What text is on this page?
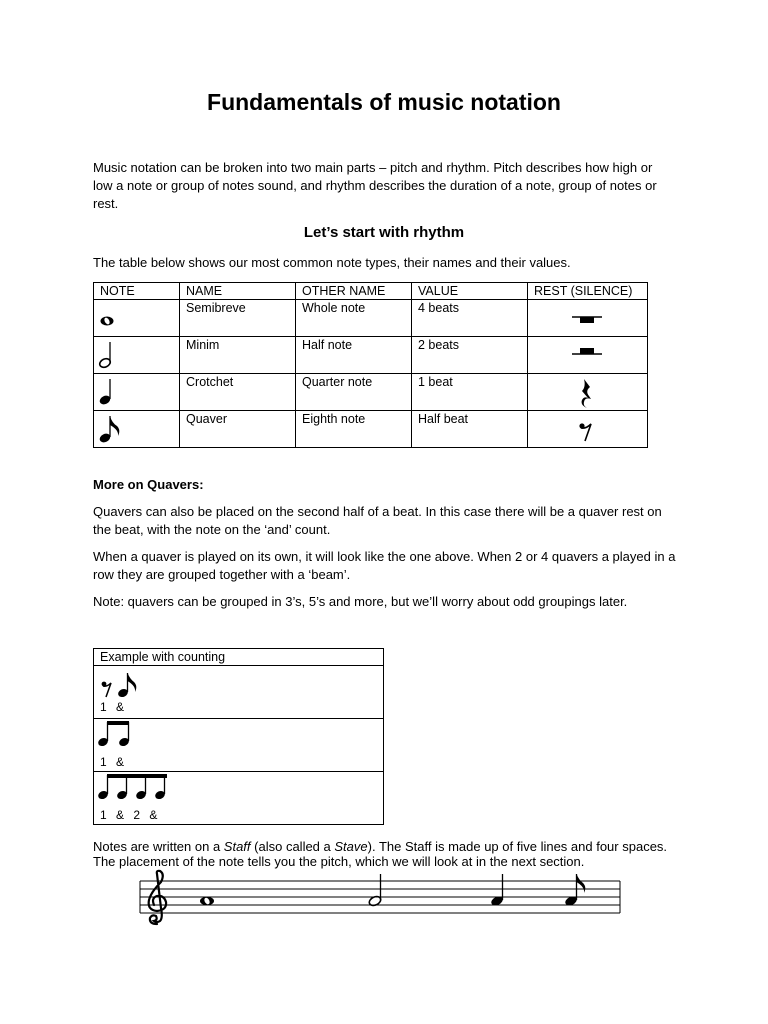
Fundamentals of music notation
Music notation can be broken into two main parts – pitch and rhythm. Pitch describes how high or low a note or group of notes sound, and rhythm describes the duration of a note, group of notes or rest.
Let’s start with rhythm
The table below shows our most common note types, their names and their values.
NOTE	NAME	OTHER NAME	VALUE	REST (SILENCE)

	Semibreve	Whole note	4 beats	

	Minim	Half note	2 beats	

	Crotchet	Quarter note	1 beat	

	Quaver	Eighth note	Half beat	
More on Quavers:
Quavers can also be placed on the second half of a beat. In this case there will be a quaver rest on the beat, with the note on the ‘and’ count.
When a quaver is played on its own, it will look like the one above. When 2 or 4 quavers a played in a row they are grouped together with a ‘beam’.
Note: quavers can be grouped in 3’s, 5’s and more, but we’ll worry about odd groupings later.
Example with counting

1 &

1 &

1 & 2 &
Notes are written on a Staff (also called a Stave). The Staff is made up of five lines and four spaces.
The placement of the note tells you the pitch, which we will look at in the next section.
